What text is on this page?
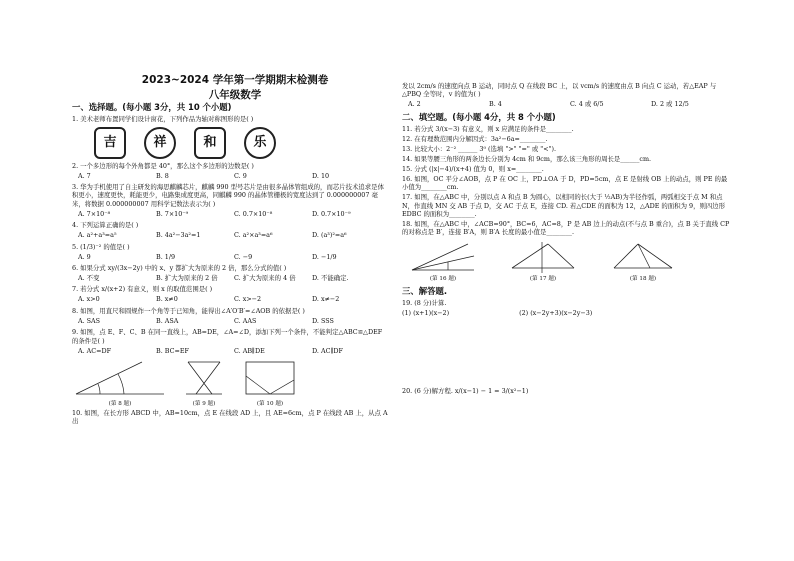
2023~2024 学年第一学期期末检测卷
八年级数学
一、选择题。(每小题 3分，共 10 个小题)
1. 美术老师布置同学们设计窗花，下列作品为轴对称图形的是( )
吉	祥	和	乐
2. 一个多边形的每个外角都是 40°，那么这个多边形的边数是( )
A. 7	B. 8	C. 9	D. 10
3. 华为手机使用了自主研发的海思麒麟芯片，麒麟 990 型号芯片是由很多晶体管组成的，而芯片技术追求是体积更小，速度更快，耗能更少，电路集成度更高，同麒麟 990 的晶体管栅极的宽度达到了 0.000000007 毫米，将数据 0.000000007 用科学记数法表示为( )
A. 7×10⁻⁸	B. 7×10⁻⁹	C. 0.7×10⁻⁸	D. 0.7×10⁻⁹
4. 下列运算正确的是( )
A. a²+a³=a⁵	B. 4a²−3a²=1	C. a²×a³=a⁶	D. (a³)²=a⁶
5. (1/3)⁻² 的值是( )
A. 9	B. 1/9	C. −9	D. −1/9
6. 如果分式 xy/(3x−2y) 中的 x、y 都扩大为原来的 2 倍，那么分式的值( )
A. 不变	B. 扩大为原来的 2 倍	C. 扩大为原来的 4 倍	D. 不能确定.
7. 若分式 x/(x+2) 有意义，则 x 的取值范围是( )
A. x>0	B. x≠0	C. x>−2	D. x≠−2
8. 如图，用直尺和圆规作一个角等于已知角，能得出∠A′O′B′=∠AOB 的依据是( )
A. SAS	B. ASA	C. AAS	D. SSS
9. 如图，点 E、F、C、B 在同一直线上，AB=DE，∠A=∠D，添加下列一个条件，不能判定△ABC≌△DEF 的条件是( )
A. AC=DF	B. BC=EF	C. AB∥DE	D. AC∥DF
(第 8 题)	(第 9 题)	(第 10 题)
10. 如图，在长方形 ABCD 中，AB=10cm，点 E 在线段 AD 上，且 AE=6cm，点 P 在线段 AB 上，从点 A 出
发以 2cm/s 的速度向点 B 运动，同时点 Q 在线段 BC 上，以 vcm/s 的速度由点 B 向点 C 运动，若△EAP 与△PBQ 全等时，v 的值为( )
A. 2	B. 4	C. 4 或 6/5	D. 2 或 12/5
二、填空题。(每小题 4分，共 8 个小题)
11. 若分式 3/(x−3) 有意义，则 x 应满足的条件是________.
12. 在有理数范围内分解因式：3a²−6a=________.
13. 比较大小：2⁻² ______ 3⁰ (选填 ">" "=" 或 "<").
14. 如果等腰三角形的两条边长分别为 4cm 和 9cm，那么该三角形的周长是______cm.
15. 分式 (|x|−4)/(x+4) 值为 0，则 x=________.
16. 如图，OC 平分∠AOB，点 P 在 OC 上，PD⊥OA 于 D，PD=5cm，点 E 是射线 OB 上的动点，则 PE 的最小值为________cm.
17. 如图，在△ABC 中，分别以点 A 和点 B 为圆心，以相同的长(大于 ½AB)为半径作弧，两弧相交于点 M 和点 N，作直线 MN 交 AB 于点 D，交 AC 于点 E，连接 CD. 若△CDE 的面积为 12，△ADE 的面积为 9，则四边形 EDBC 的面积为________.
18. 如图，在△ABC 中，∠ACB=90°，BC=6，AC=8，P 是 AB 边上的动点(不与点 B 重合)，点 B 关于直线 CP 的对称点是 B′，连接 B′A，则 B′A 长度的最小值是________.
(第 16 题)	(第 17 题)	(第 18 题)
三、解答题.
19. (8 分)计算.
(1) (x+1)(x−2)	(2) (x−2y+3)(x−2y−3)
20. (6 分)解方程. x/(x−1) − 1 = 3/(x²−1)
